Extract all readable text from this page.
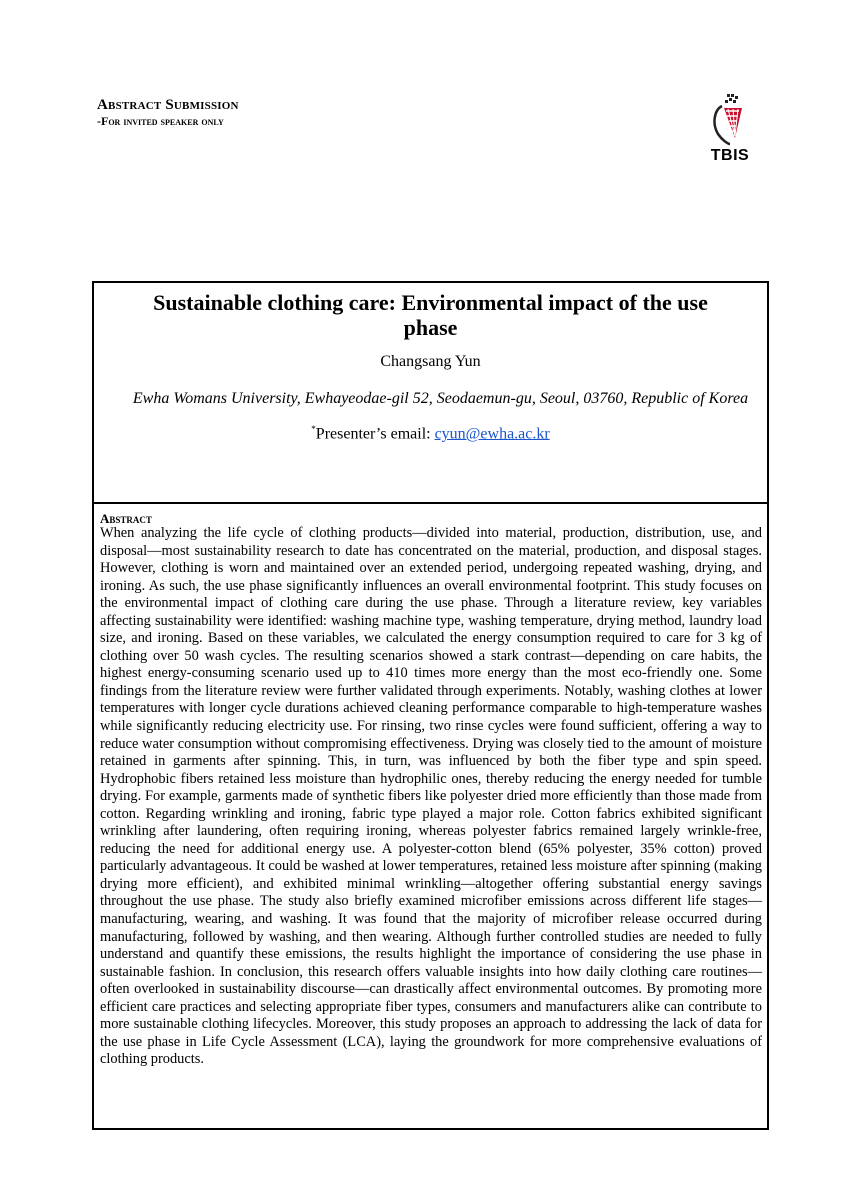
Abstract Submission
-For invited speaker only
TBIS
Sustainable clothing care: Environmental impact of the use phase
Changsang Yun
Ewha Womans University, Ewhayeodae-gil 52, Seodaemun-gu, Seoul, 03760, Republic of Korea
*Presenter’s email: cyun@ewha.ac.kr
Abstract
When analyzing the life cycle of clothing products—divided into material, production, distribution, use, and disposal—most sustainability research to date has concentrated on the material, production, and disposal stages. However, clothing is worn and maintained over an extended period, undergoing repeated washing, drying, and ironing. As such, the use phase significantly influences an overall environmental footprint. This study focuses on the environmental impact of clothing care during the use phase. Through a literature review, key variables affecting sustainability were identified: washing machine type, washing temperature, drying method, laundry load size, and ironing. Based on these variables, we calculated the energy consumption required to care for 3 kg of clothing over 50 wash cycles. The resulting scenarios showed a stark contrast—depending on care habits, the highest energy-consuming scenario used up to 410 times more energy than the most eco-friendly one. Some findings from the literature review were further validated through experiments. Notably, washing clothes at lower temperatures with longer cycle durations achieved cleaning performance comparable to high-temperature washes while significantly reducing electricity use. For rinsing, two rinse cycles were found sufficient, offering a way to reduce water consumption without compromising effectiveness. Drying was closely tied to the amount of moisture retained in garments after spinning. This, in turn, was influenced by both the fiber type and spin speed. Hydrophobic fibers retained less moisture than hydrophilic ones, thereby reducing the energy needed for tumble drying. For example, garments made of synthetic fibers like polyester dried more efficiently than those made from cotton. Regarding wrinkling and ironing, fabric type played a major role. Cotton fabrics exhibited significant wrinkling after laundering, often requiring ironing, whereas polyester fabrics remained largely wrinkle-free, reducing the need for additional energy use. A polyester-cotton blend (65% polyester, 35% cotton) proved particularly advantageous. It could be washed at lower temperatures, retained less moisture after spinning (making drying more efficient), and exhibited minimal wrinkling—altogether offering substantial energy savings throughout the use phase. The study also briefly examined microfiber emissions across different life stages—manufacturing, wearing, and washing. It was found that the majority of microfiber release occurred during manufacturing, followed by washing, and then wearing. Although further controlled studies are needed to fully understand and quantify these emissions, the results highlight the importance of considering the use phase in sustainable fashion. In conclusion, this research offers valuable insights into how daily clothing care routines—often overlooked in sustainability discourse—can drastically affect environmental outcomes. By promoting more efficient care practices and selecting appropriate fiber types, consumers and manufacturers alike can contribute to more sustainable clothing lifecycles. Moreover, this study proposes an approach to addressing the lack of data for the use phase in Life Cycle Assessment (LCA), laying the groundwork for more comprehensive evaluations of clothing products.
